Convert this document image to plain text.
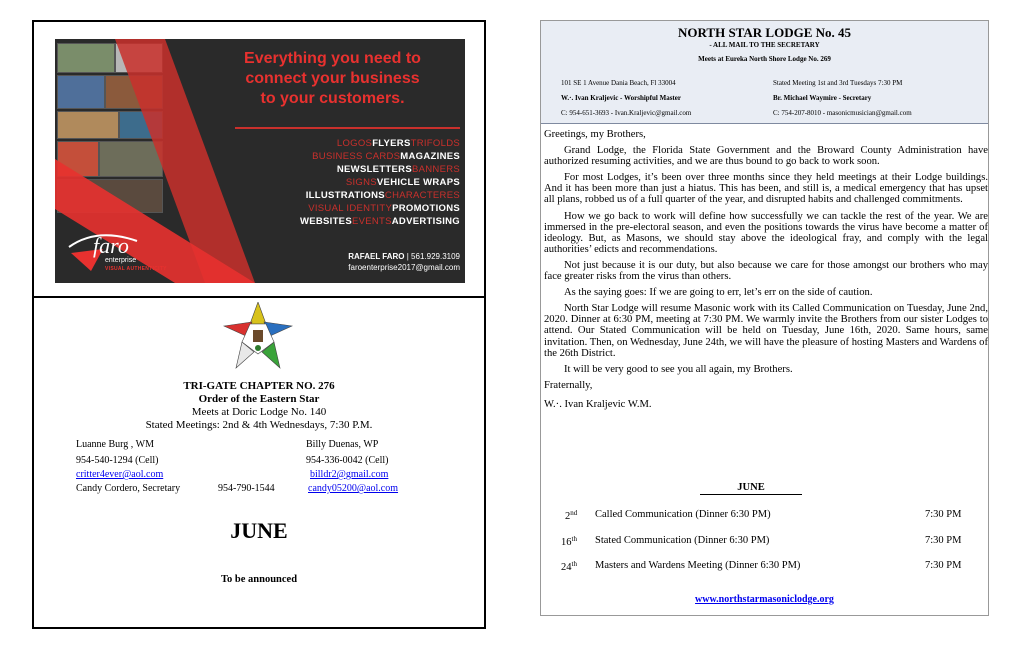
Everything you need to
connect your business
to your customers.
LOGOSFLYERSTRIFOLDS
BUSINESS CARDSMAGAZINES
NEWSLETTERSBANNERS
SIGNSVEHICLE WRAPS
ILLUSTRATIONSCHARACTERES
VISUAL IDENTITYPROMOTIONS
WEBSITESEVENTSADVERTISING
faro
enterprise
VISUAL AUTHENTICITY
RAFAEL FARO | 561.929.3109
faroenterprise2017@gmail.com
TRI-GATE CHAPTER NO. 276
Order of the Eastern Star
Meets at Doric Lodge No. 140
Stated Meetings: 2nd & 4th Wednesdays, 7:30 P.M.
Luanne Burg , WM	Billy Duenas, WP
954-540-1294 (Cell)	954-336-0042 (Cell)
critter4ever@aol.com	billdr2@gmail.com
Candy Cordero, Secretary	954-790-1544	candy05200@aol.com
JUNE
To be announced
NORTH STAR LODGE No. 45
- ALL MAIL TO THE SECRETARY
Meets at Eureka North Shore Lodge No. 269
101 SE 1 Avenue Dania Beach, Fl 33004	Stated Meeting 1st and 3rd Tuesdays 7:30 PM
W.·. Ivan Kraljevic - Worshipful Master	Br. Michael Waymire - Secretary
C: 954-651-3693 - Ivan.Kraljevic@gmail.com	C: 754-207-8010 - masonicmusician@gmail.com

Greetings, my Brothers,

Grand Lodge, the Florida State Government and the Broward County Administration have authorized resuming activities, and we are thus bound to go back to work soon.

For most Lodges, it’s been over three months since they held meetings at their Lodge buildings. And it has been more than just a hiatus. This has been, and still is, a medical emergency that has upset all plans, robbed us of a full quarter of the year, and disrupted habits and challenged commitments.

How we go back to work will define how successfully we can tackle the rest of the year. We are immersed in the pre-electoral season, and even the positions towards the virus have become a matter of ideology. But, as Masons, we should stay above the ideological fray, and comply with the legal authorities’ edicts and recommendations.

Not just because it is our duty, but also because we care for those amongst our brothers who may face greater risks from the virus than others.

As the saying goes: If we are going to err, let’s err on the side of caution.

North Star Lodge will resume Masonic work with its Called Communication on Tuesday, June 2nd, 2020. Dinner at 6:30 PM, meeting at 7:30 PM. We warmly invite the Brothers from our sister Lodges to attend. Our Stated Communication will be held on Tuesday, June 16th, 2020. Same hours, same invitation. Then, on Wednesday, June 24th, we will have the pleasure of hosting Masters and Wardens of the 26th District.

It will be very good to see you all again, my Brothers.

Fraternally,

W.·. Ivan Kraljevic W.M.

JUNE
2nd Called Communication (Dinner 6:30 PM)	7:30 PM
16th Stated Communication (Dinner 6:30 PM)	7:30 PM
24th Masters and Wardens Meeting (Dinner 6:30 PM)	7:30 PM
www.northstarmasoniclodge.org
